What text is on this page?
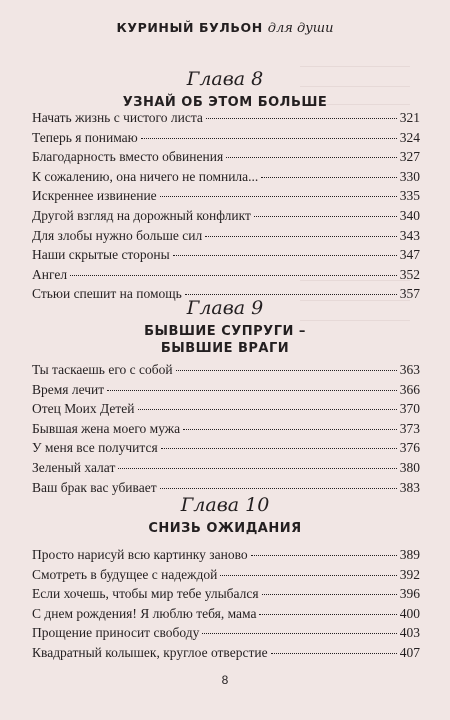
КУРИНЫЙ БУЛЬОН для души
Глава 8
УЗНАЙ ОБ ЭТОМ БОЛЬШЕ
Начать жизнь с чистого листа	321
Теперь я понимаю	324
Благодарность вместо обвинения	327
К сожалению, она ничего не помнила...	330
Искреннее извинение	335
Другой взгляд на дорожный конфликт	340
Для злобы нужно больше сил	343
Наши скрытые стороны	347
Ангел	352
Стьюи спешит на помощь	357
Глава 9
БЫВШИЕ СУПРУГИ –
БЫВШИЕ ВРАГИ
Ты таскаешь его с собой	363
Время лечит	366
Отец Моих Детей	370
Бывшая жена моего мужа	373
У меня все получится	376
Зеленый халат	380
Ваш брак вас убивает	383
Глава 10
СНИЗЬ ОЖИДАНИЯ
Просто нарисуй всю картинку заново	389
Смотреть в будущее с надеждой	392
Если хочешь, чтобы мир тебе улыбался	396
С днем рождения! Я люблю тебя, мама	400
Прощение приносит свободу	403
Квадратный колышек, круглое отверстие	407
8
